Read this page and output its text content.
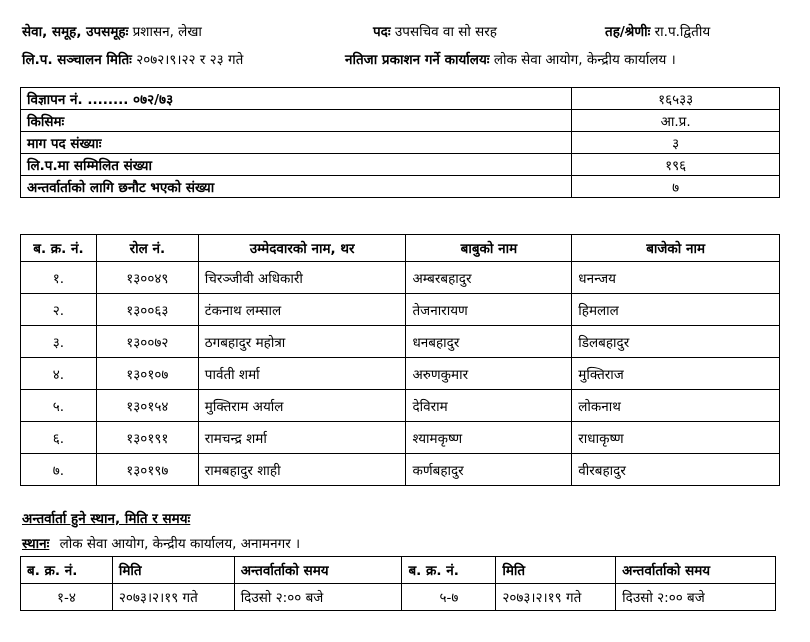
सेवा, समूह, उपसमूहः प्रशासन, लेखा	पदः उपसचिव वा सो सरह	तह/श्रेणीः रा.प.द्वितीय
लि.प. सञ्चालन मितिः २०७२।९।२२ र २३ गते	नतिजा प्रकाशन गर्ने कार्यालयः लोक सेवा आयोग, केन्द्रीय कार्यालय ।
विज्ञापन नं. ........ ०७२/७३	१६५३३
किसिमः	आ.प्र.
माग पद संख्याः	३
लि.प.मा सम्मिलित संख्या	१९६
अन्तर्वार्ताको लागि छनौट भएको संख्या	७
ब. क्र. नं.	रोल नं.	उम्मेदवारको नाम, थर	बाबुको नाम	बाजेको नाम
१.	१३००४९	चिरञ्जीवी अधिकारी	अम्बरबहादुर	धनन्जय
२.	१३००६३	टंकनाथ लम्साल	तेजनारायण	हिमलाल
३.	१३००७२	ठगबहादुर महोत्रा	धनबहादुर	डिलबहादुर
४.	१३०१०७	पार्वती शर्मा	अरुणकुमार	मुक्तिराज
५.	१३०१५४	मुक्तिराम अर्याल	देविराम	लोकनाथ
६.	१३०१९१	रामचन्द्र शर्मा	श्यामकृष्ण	राधाकृष्ण
७.	१३०१९७	रामबहादुर शाही	कर्णबहादुर	वीरबहादुर
अन्तर्वार्ता हुने स्थान, मिति र समयः
स्थानः लोक सेवा आयोग, केन्द्रीय कार्यालय, अनामनगर ।
ब. क्र. नं.	मिति	अन्तर्वार्ताको समय	ब. क्र. नं.	मिति	अन्तर्वार्ताको समय
१-४	२०७३।२।१९ गते	दिउसो २:०० बजे	५-७	२०७३।२।१९ गते	दिउसो २:०० बजे
